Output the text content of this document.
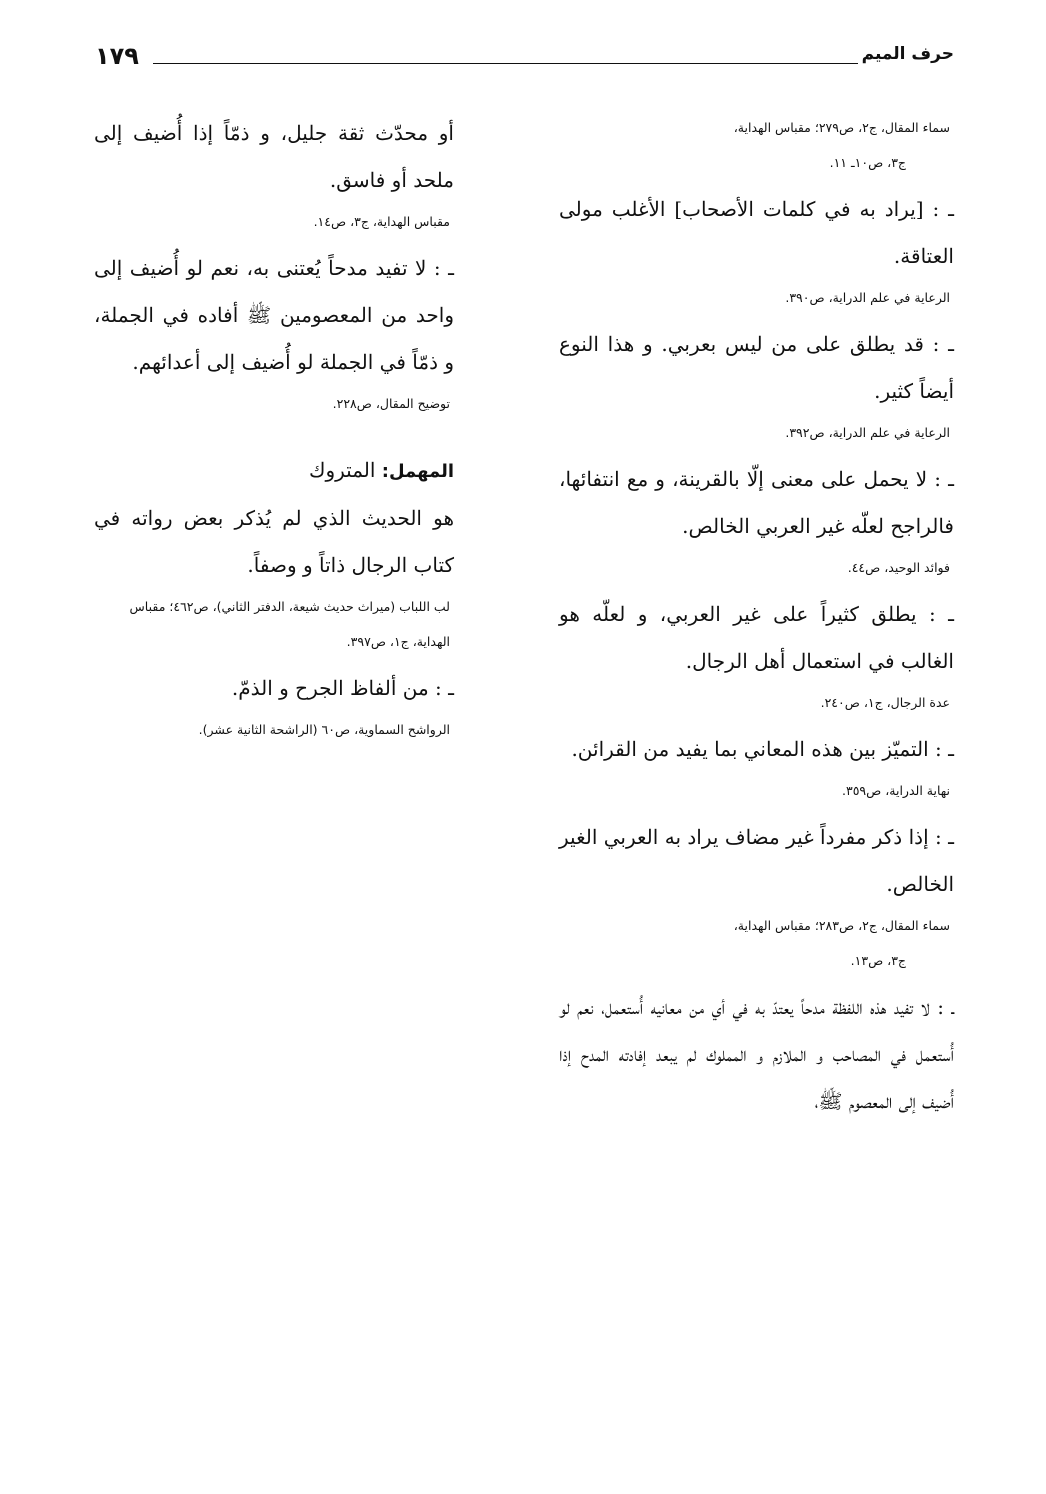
١٧٩	حرف الميم

سماء المقال، ج٢، ص٢٧٩؛ مقباس الهداية،

ج٣، ص١٠ـ ١١.

ـ : [يراد به في كلمات الأصحاب] الأغلب مولى العتاقة.

الرعاية في علم الدراية، ص٣٩٠.

ـ : قد يطلق على من ليس بعربي. و هذا النوع أيضاً كثير.

الرعاية في علم الدراية، ص٣٩٢.

ـ : لا يحمل على معنى إلّا بالقرينة، و مع انتفائها، فالراجح لعلّه غير العربي الخالص.

فوائد الوحيد، ص٤٤.

ـ : يطلق كثيراً على غير العربي، و لعلّه هو الغالب في استعمال أهل الرجال.

عدة الرجال، ج١، ص٢٤٠.

ـ : التميّز بين هذه المعاني بما يفيد من القرائن.

نهاية الدراية، ص٣٥٩.

ـ : إذا ذكر مفرداً غير مضاف يراد به العربي الغير الخالص.

سماء المقال، ج٢، ص٢٨٣؛ مقباس الهداية،

ج٣، ص١٣.

ـ : لا تفيد هذه اللفظة مدحاً يعتدّ به في أي من معانيه أُستعمل، نعم لو أُستعمل في المصاحب و الملازم و المملوك لم يبعد إفادته المدح إذا أُضيف إلى المعصوم ﷺ،

أو محدّث ثقة جليل، و ذمّاً إذا أُضيف إلى ملحد أو فاسق.

مقباس الهداية، ج٣، ص١٤.

ـ : لا تفيد مدحاً يُعتنى به، نعم لو أُضيف إلى واحد من المعصومين ﷺ أفاده في الجملة، و ذمّاً في الجملة لو أُضيف إلى أعدائهم.

توضيح المقال، ص٢٢٨.

المهمل: المتروك

هو الحديث الذي لم يُذكر بعض رواته في كتاب الرجال ذاتاً و وصفاً.

لب اللباب (ميراث حديث شيعة، الدفتر الثاني)، ص٤٦٢؛ مقباس الهداية، ج١، ص٣٩٧.

ـ : من ألفاظ الجرح و الذمّ.

الرواشح السماوية، ص٦٠ (الراشحة الثانية عشر).
